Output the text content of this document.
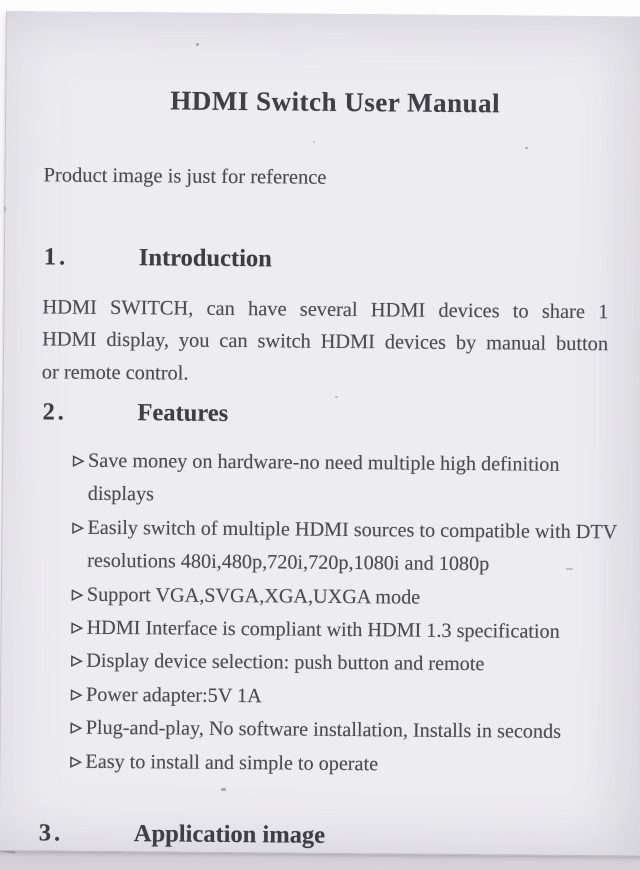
HDMI Switch User Manual

Product image is just for reference

1.	Introduction
HDMI SWITCH, can have several HDMI devices to share 1
HDMI display, you can switch HDMI devices by manual button
or remote control.
2.	Features
Save money on hardware-no need multiple high definition displays
Easily switch of multiple HDMI sources to compatible with DTV resolutions 480i,480p,720i,720p,1080i and 1080p
Support VGA,SVGA,XGA,UXGA mode
HDMI Interface is compliant with HDMI 1.3 specification
Display device selection: push button and remote
Power adapter:5V 1A
Plug-and-play, No software installation, Installs in seconds
Easy to install and simple to operate
3.	Application image
